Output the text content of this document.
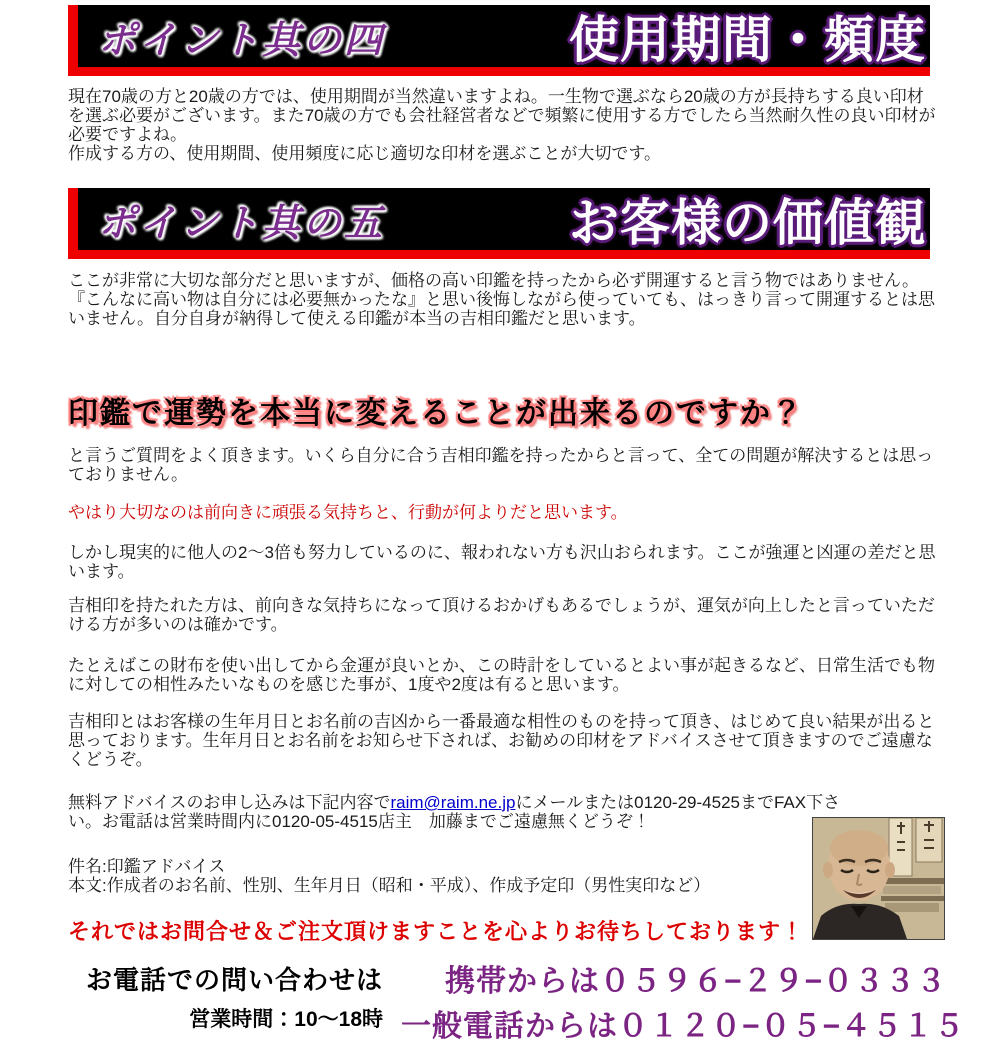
ポイント其の四	使用期間・頻度
現在70歳の方と20歳の方では、使用期間が当然違いますよね。一生物で選ぶなら20歳の方が長持ちする良い印材を選ぶ必要がございます。また70歳の方でも会社経営者などで頻繁に使用する方でしたら当然耐久性の良い印材が必要ですよね。
作成する方の、使用期間、使用頻度に応じ適切な印材を選ぶことが大切です。
ポイント其の五	お客様の価値観
ここが非常に大切な部分だと思いますが、価格の高い印鑑を持ったから必ず開運すると言う物ではありません。『こんなに高い物は自分には必要無かったな』と思い後悔しながら使っていても、はっきり言って開運するとは思いません。自分自身が納得して使える印鑑が本当の吉相印鑑だと思います。
印鑑で運勢を本当に変えることが出来るのですか？
と言うご質問をよく頂きます。いくら自分に合う吉相印鑑を持ったからと言って、全ての問題が解決するとは思っておりません。
やはり大切なのは前向きに頑張る気持ちと、行動が何よりだと思います。
しかし現実的に他人の2〜3倍も努力しているのに、報われない方も沢山おられます。ここが強運と凶運の差だと思います。
吉相印を持たれた方は、前向きな気持ちになって頂けるおかげもあるでしょうが、運気が向上したと言っていただける方が多いのは確かです。
たとえばこの財布を使い出してから金運が良いとか、この時計をしているとよい事が起きるなど、日常生活でも物に対しての相性みたいなものを感じた事が、1度や2度は有ると思います。
吉相印とはお客様の生年月日とお名前の吉凶から一番最適な相性のものを持って頂き、はじめて良い結果が出ると思っております。生年月日とお名前をお知らせ下されば、お勧めの印材をアドバイスさせて頂きますのでご遠慮なくどうぞ。
無料アドバイスのお申し込みは下記内容でraim@raim.ne.jpにメールまたは0120-29-4525までFAX下さい。お電話は営業時間内に0120-05-4515店主　加藤までご遠慮無くどうぞ！
件名:印鑑アドバイス
本文:作成者のお名前、性別、生年月日（昭和・平成）、作成予定印（男性実印など）
それではお問合せ＆ご注文頂けますことを心よりお待ちしております！
お電話での問い合わせは
営業時間：10〜18時
携帯からは０５９６−２９−０３３３
一般電話からは０１２０−０５−４５１５
